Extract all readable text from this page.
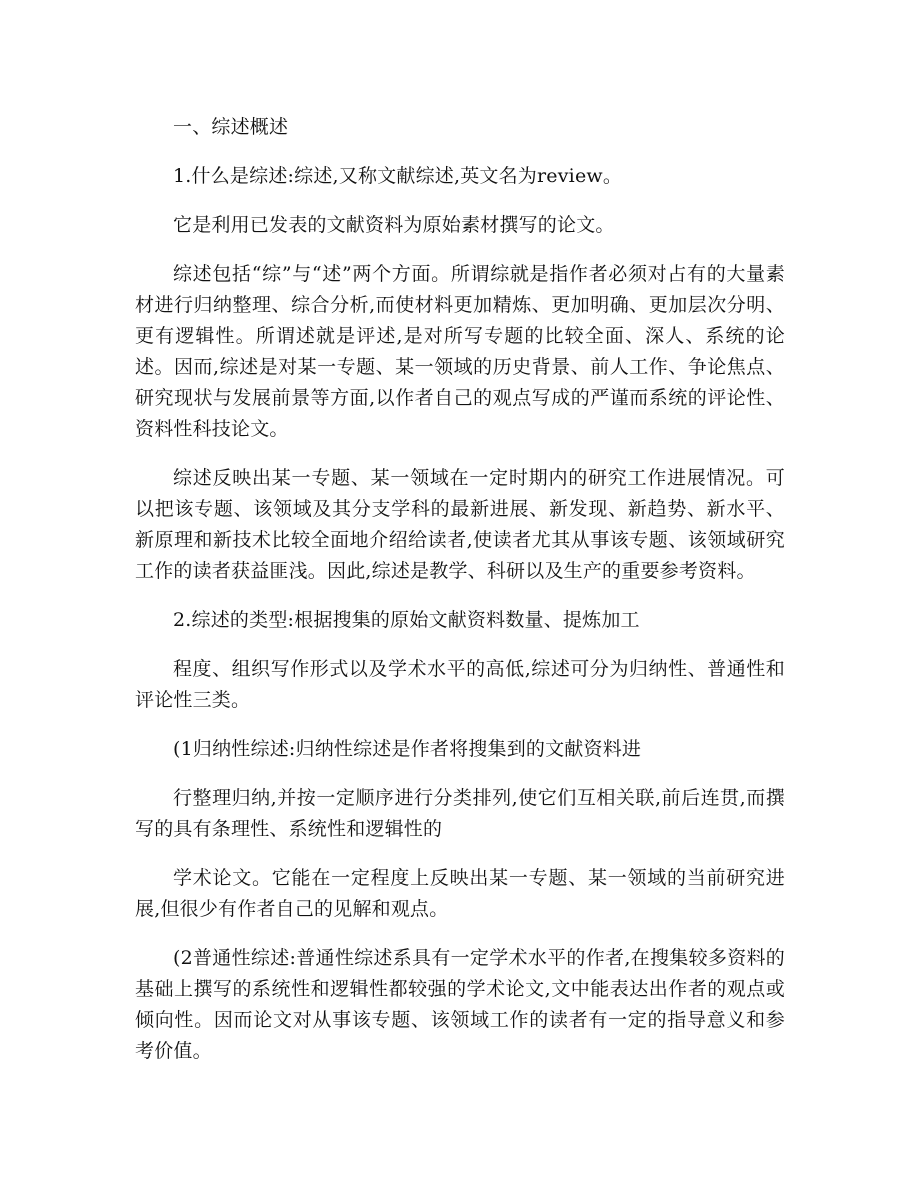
一、综述概述

1.什么是综述:综述,又称文献综述,英文名为review。

它是利用已发表的文献资料为原始素材撰写的论文。

综述包括“综”与“述”两个方面。所谓综就是指作者必须对占有的大量素材进行归纳整理、综合分析,而使材料更加精炼、更加明确、更加层次分明、更有逻辑性。所谓述就是评述,是对所写专题的比较全面、深人、系统的论述。因而,综述是对某一专题、某一领域的历史背景、前人工作、争论焦点、研究现状与发展前景等方面,以作者自己的观点写成的严谨而系统的评论性、资料性科技论文。

综述反映出某一专题、某一领域在一定时期内的研究工作进展情况。可以把该专题、该领域及其分支学科的最新进展、新发现、新趋势、新水平、新原理和新技术比较全面地介绍给读者,使读者尤其从事该专题、该领域研究工作的读者获益匪浅。因此,综述是教学、科研以及生产的重要参考资料。

2.综述的类型:根据搜集的原始文献资料数量、提炼加工

程度、组织写作形式以及学术水平的高低,综述可分为归纳性、普通性和评论性三类。

(1归纳性综述:归纳性综述是作者将搜集到的文献资料进

行整理归纳,并按一定顺序进行分类排列,使它们互相关联,前后连贯,而撰写的具有条理性、系统性和逻辑性的

学术论文。它能在一定程度上反映出某一专题、某一领域的当前研究进展,但很少有作者自己的见解和观点。

(2普通性综述:普通性综述系具有一定学术水平的作者,在搜集较多资料的基础上撰写的系统性和逻辑性都较强的学术论文,文中能表达出作者的观点或倾向性。因而论文对从事该专题、该领域工作的读者有一定的指导意义和参考价值。
